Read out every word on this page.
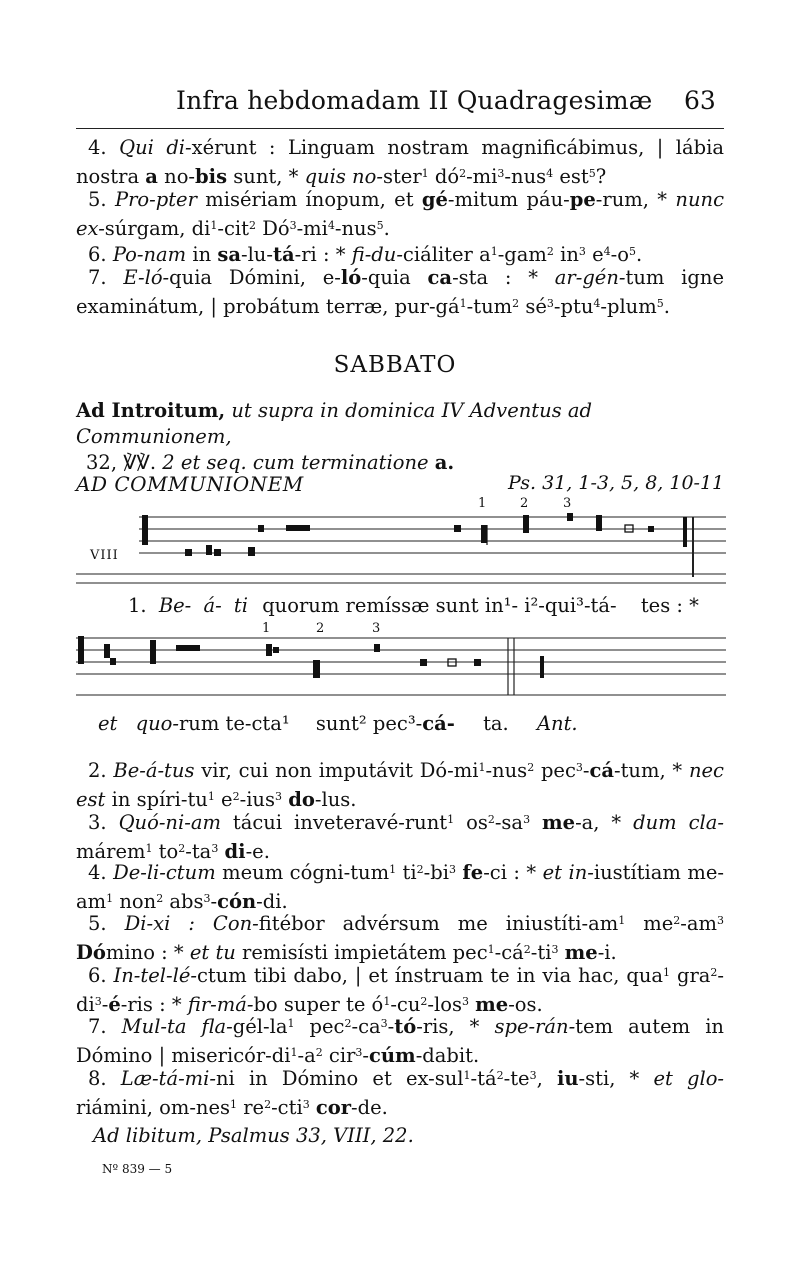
Infra hebdomadam II Quadragesimæ 63
4. Qui di-xérunt : Linguam nostram magnificábimus, | lábia nostra a no-bis sunt, * quis no-ster$^1$ $dó^2-mi^3-nus^4$ est$^5$?
5. Pro-pter misériam ínopum, et gé-mitum páu-pe-rum, * nunc ex-súrgam, $di^1-cit^2$ $Dó^3-mi^4-nus^5$.
6. Po-nam in sa-lu-tá-ri : * fi-du-ciáliter $a^1-gam^2$ $in^3$ $e^4-o^5$.
7. E-ló-quia Dómini, e-ló-quia ca-sta : * ar-gén-tum igne examinátum, | probátum terræ, pur-$gá^1-tum^2$ $sé^3-ptu^4-plum^5$.
SABBATO
Ad Introitum, ut supra in dominica IV Adventus ad Communionem,
32, ℣℣. 2 et seq. cum terminatione a.
AD COMMUNIONEM	Ps. 31, 1-3, 5, 8, 10-11
1	2	3
VIII
1. Be- á- ti quorum remíssæ sunt in¹- i²-qui³-tá- tes : *
1	2	3
et quo-rum te-cta¹ sunt² pec³-cá- ta. Ant.
2. Be-á-tus vir, cui non imputávit $Dó-mi^1-nus^2$ pec$^3$-cá-tum, * nec est in spíri-$tu^1$ $e^2-ius^3$ do-lus.
3. Quó-ni-am tácui inveteravé-runt$^1$ $os^2-sa^3$ me-a, * dum cla-márem$^1$ $to^2-ta^3$ di-e.
4. De-li-ctum meum cógni-tum$^1$ $ti^2-bi^3$ fe-ci : * et in-iustítiam $me-am^1$ non$^2$ abs$^3$-cón-di.
5. Di-xi : Con-fitébor advérsum me iniustíti-$am^1$ $me^2-am^3$ Dómino : * et tu remisísti impietátem $pec^1-cá^2-ti^3$ me-i.
6. In-tel-lé-ctum tibi dabo, | et ínstruam te in via hac, qua$^1$ $gra^2-di^3-é$-ris : * fir-má-bo super te $ó^1-cu^2-los^3$ me-os.
7. Mul-ta fla-$gél-la^1$ $pec^2-ca^3-tó$-ris, * spe-rán-tem autem in Dómino | misericór-$di^1-a^2$ cir$^3$-cúm-dabit.
8. Læ-tá-mi-ni in Dómino et $ex-sul^1-tá^2-te^3$, iu-sti, * et glo-riámini, om-nes$^1$ $re^2-cti^3$ cor-de.
Ad libitum, Psalmus 33, VIII, 22.
Nº 839 — 5
